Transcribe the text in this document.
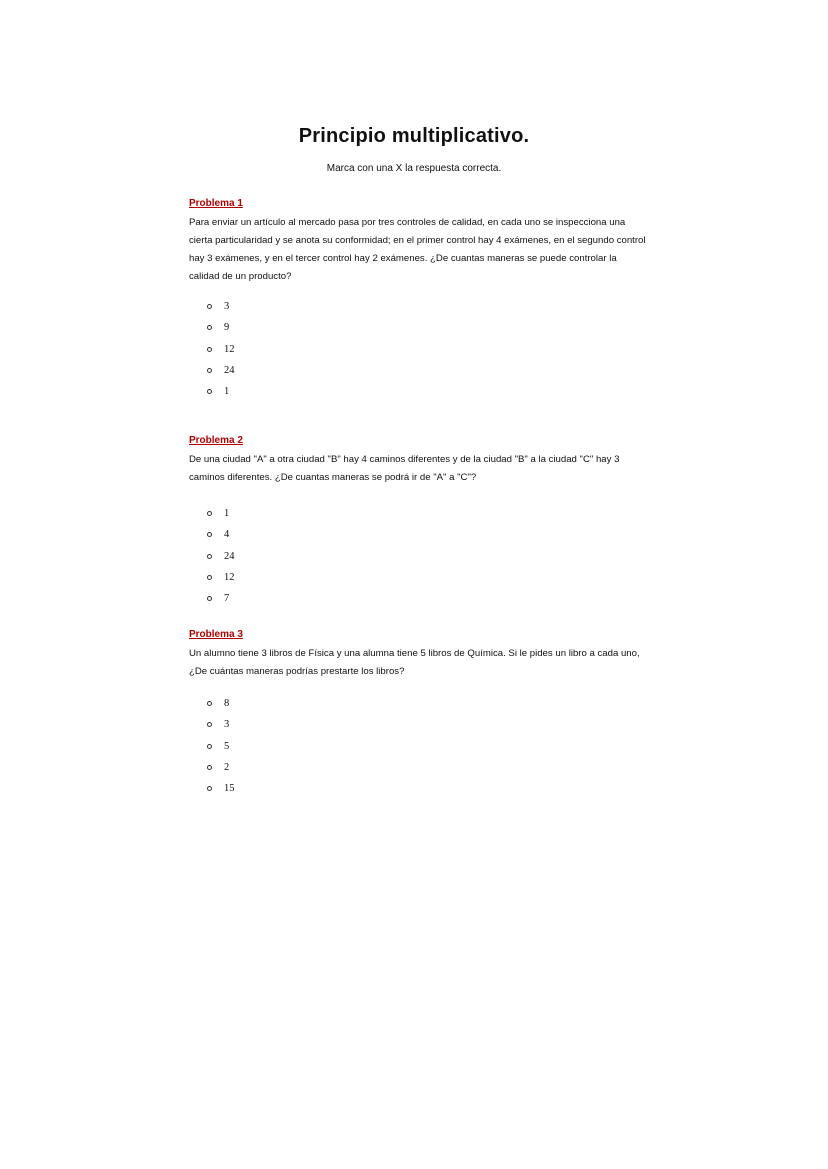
Principio multiplicativo.
Marca con una X la respuesta correcta.
Problema 1

Para enviar un artículo al mercado pasa por tres controles de calidad, en cada uno se inspecciona una cierta particularidad y se anota su conformidad; en el primer control hay 4 exámenes, en el segundo control hay 3 exámenes, y en el tercer control hay 2 exámenes. ¿De cuantas maneras se puede controlar la calidad de un producto?

3
9
12
24
1
Problema 2

De una ciudad "A" a otra ciudad "B" hay 4 caminos diferentes y de la ciudad "B" a la ciudad "C" hay 3 caminos diferentes. ¿De cuantas maneras se podrá ir de "A" a "C"?

1
4
24
12
7
Problema 3

Un alumno tiene 3 libros de Física y una alumna tiene 5 libros de Química. Si le pides un libro a cada uno, ¿De cuántas maneras podrías prestarte los libros?

8
3
5
2
15
